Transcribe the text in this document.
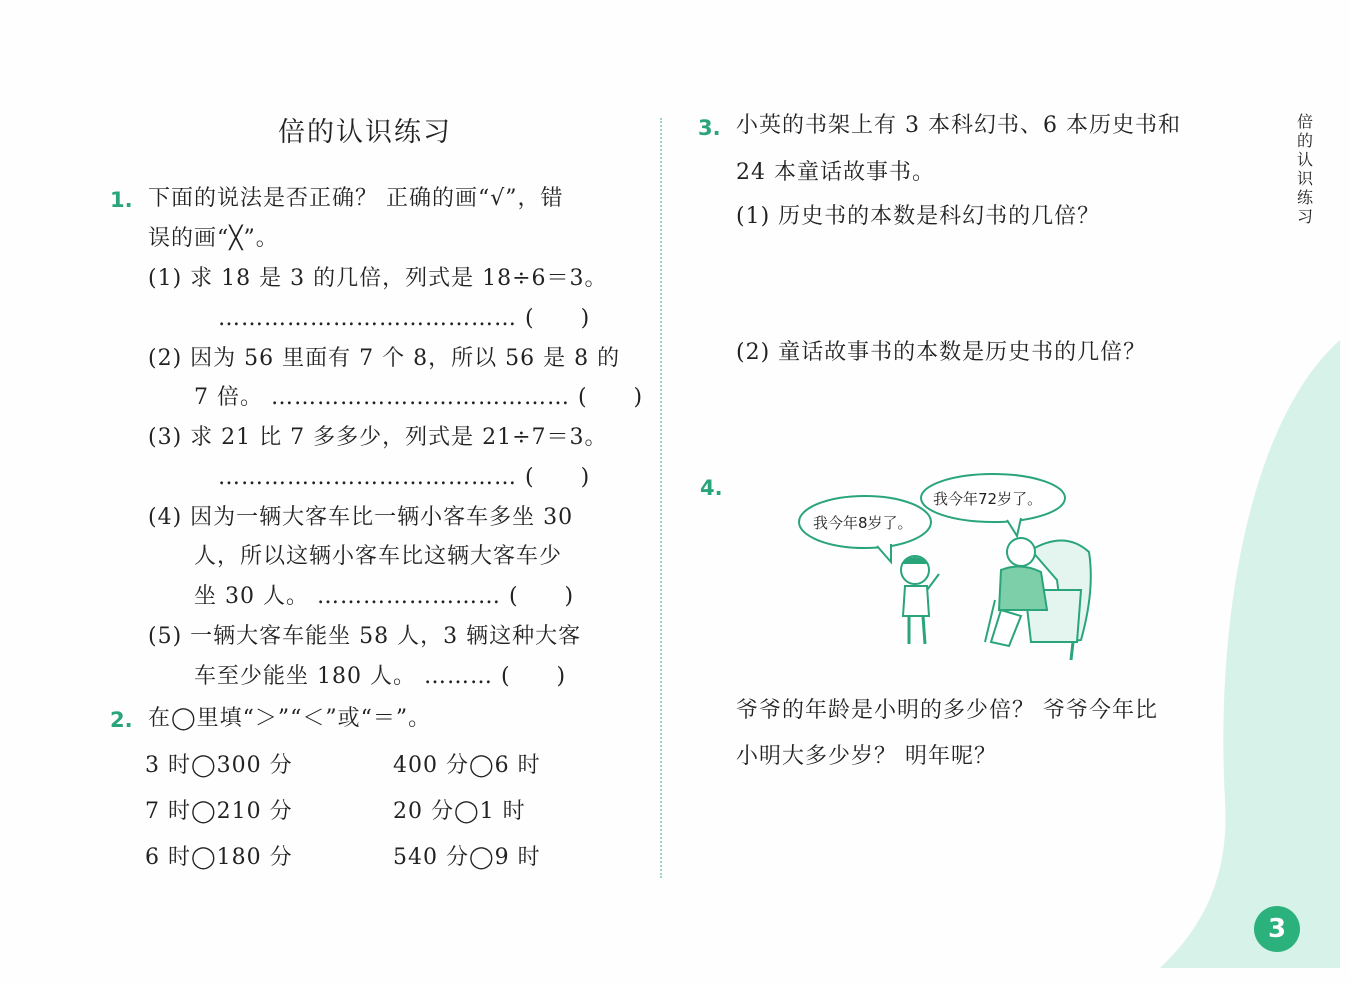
倍的认识练习
1. 下面的说法是否正确？ 正确的画“√”，错
误的画“╳”。
(1) 求 18 是 3 的几倍，列式是 18÷6＝3。
………………………………… (　　)
(2) 因为 56 里面有 7 个 8，所以 56 是 8 的
7 倍。 ………………………………… (　　)
(3) 求 21 比 7 多多少，列式是 21÷7＝3。
………………………………… (　　)
(4) 因为一辆大客车比一辆小客车多坐 30
人，所以这辆小客车比这辆大客车少
坐 30 人。 …………………… (　　)
(5) 一辆大客车能坐 58 人，3 辆这种大客
车至少能坐 180 人。 ……… (　　)
2. 在◯里填“＞”“＜”或“＝”。
3 时◯300 分	400 分◯6 时
7 时◯210 分	20 分◯1 时
6 时◯180 分	540 分◯9 时
3. 小英的书架上有 3 本科幻书、6 本历史书和
24 本童话故事书。
(1) 历史书的本数是科幻书的几倍？
(2) 童话故事书的本数是历史书的几倍？
4.
我今年8岁了。
我今年72岁了。
爷爷的年龄是小明的多少倍？ 爷爷今年比
小明大多少岁？ 明年呢？
倍的认识练习
3
